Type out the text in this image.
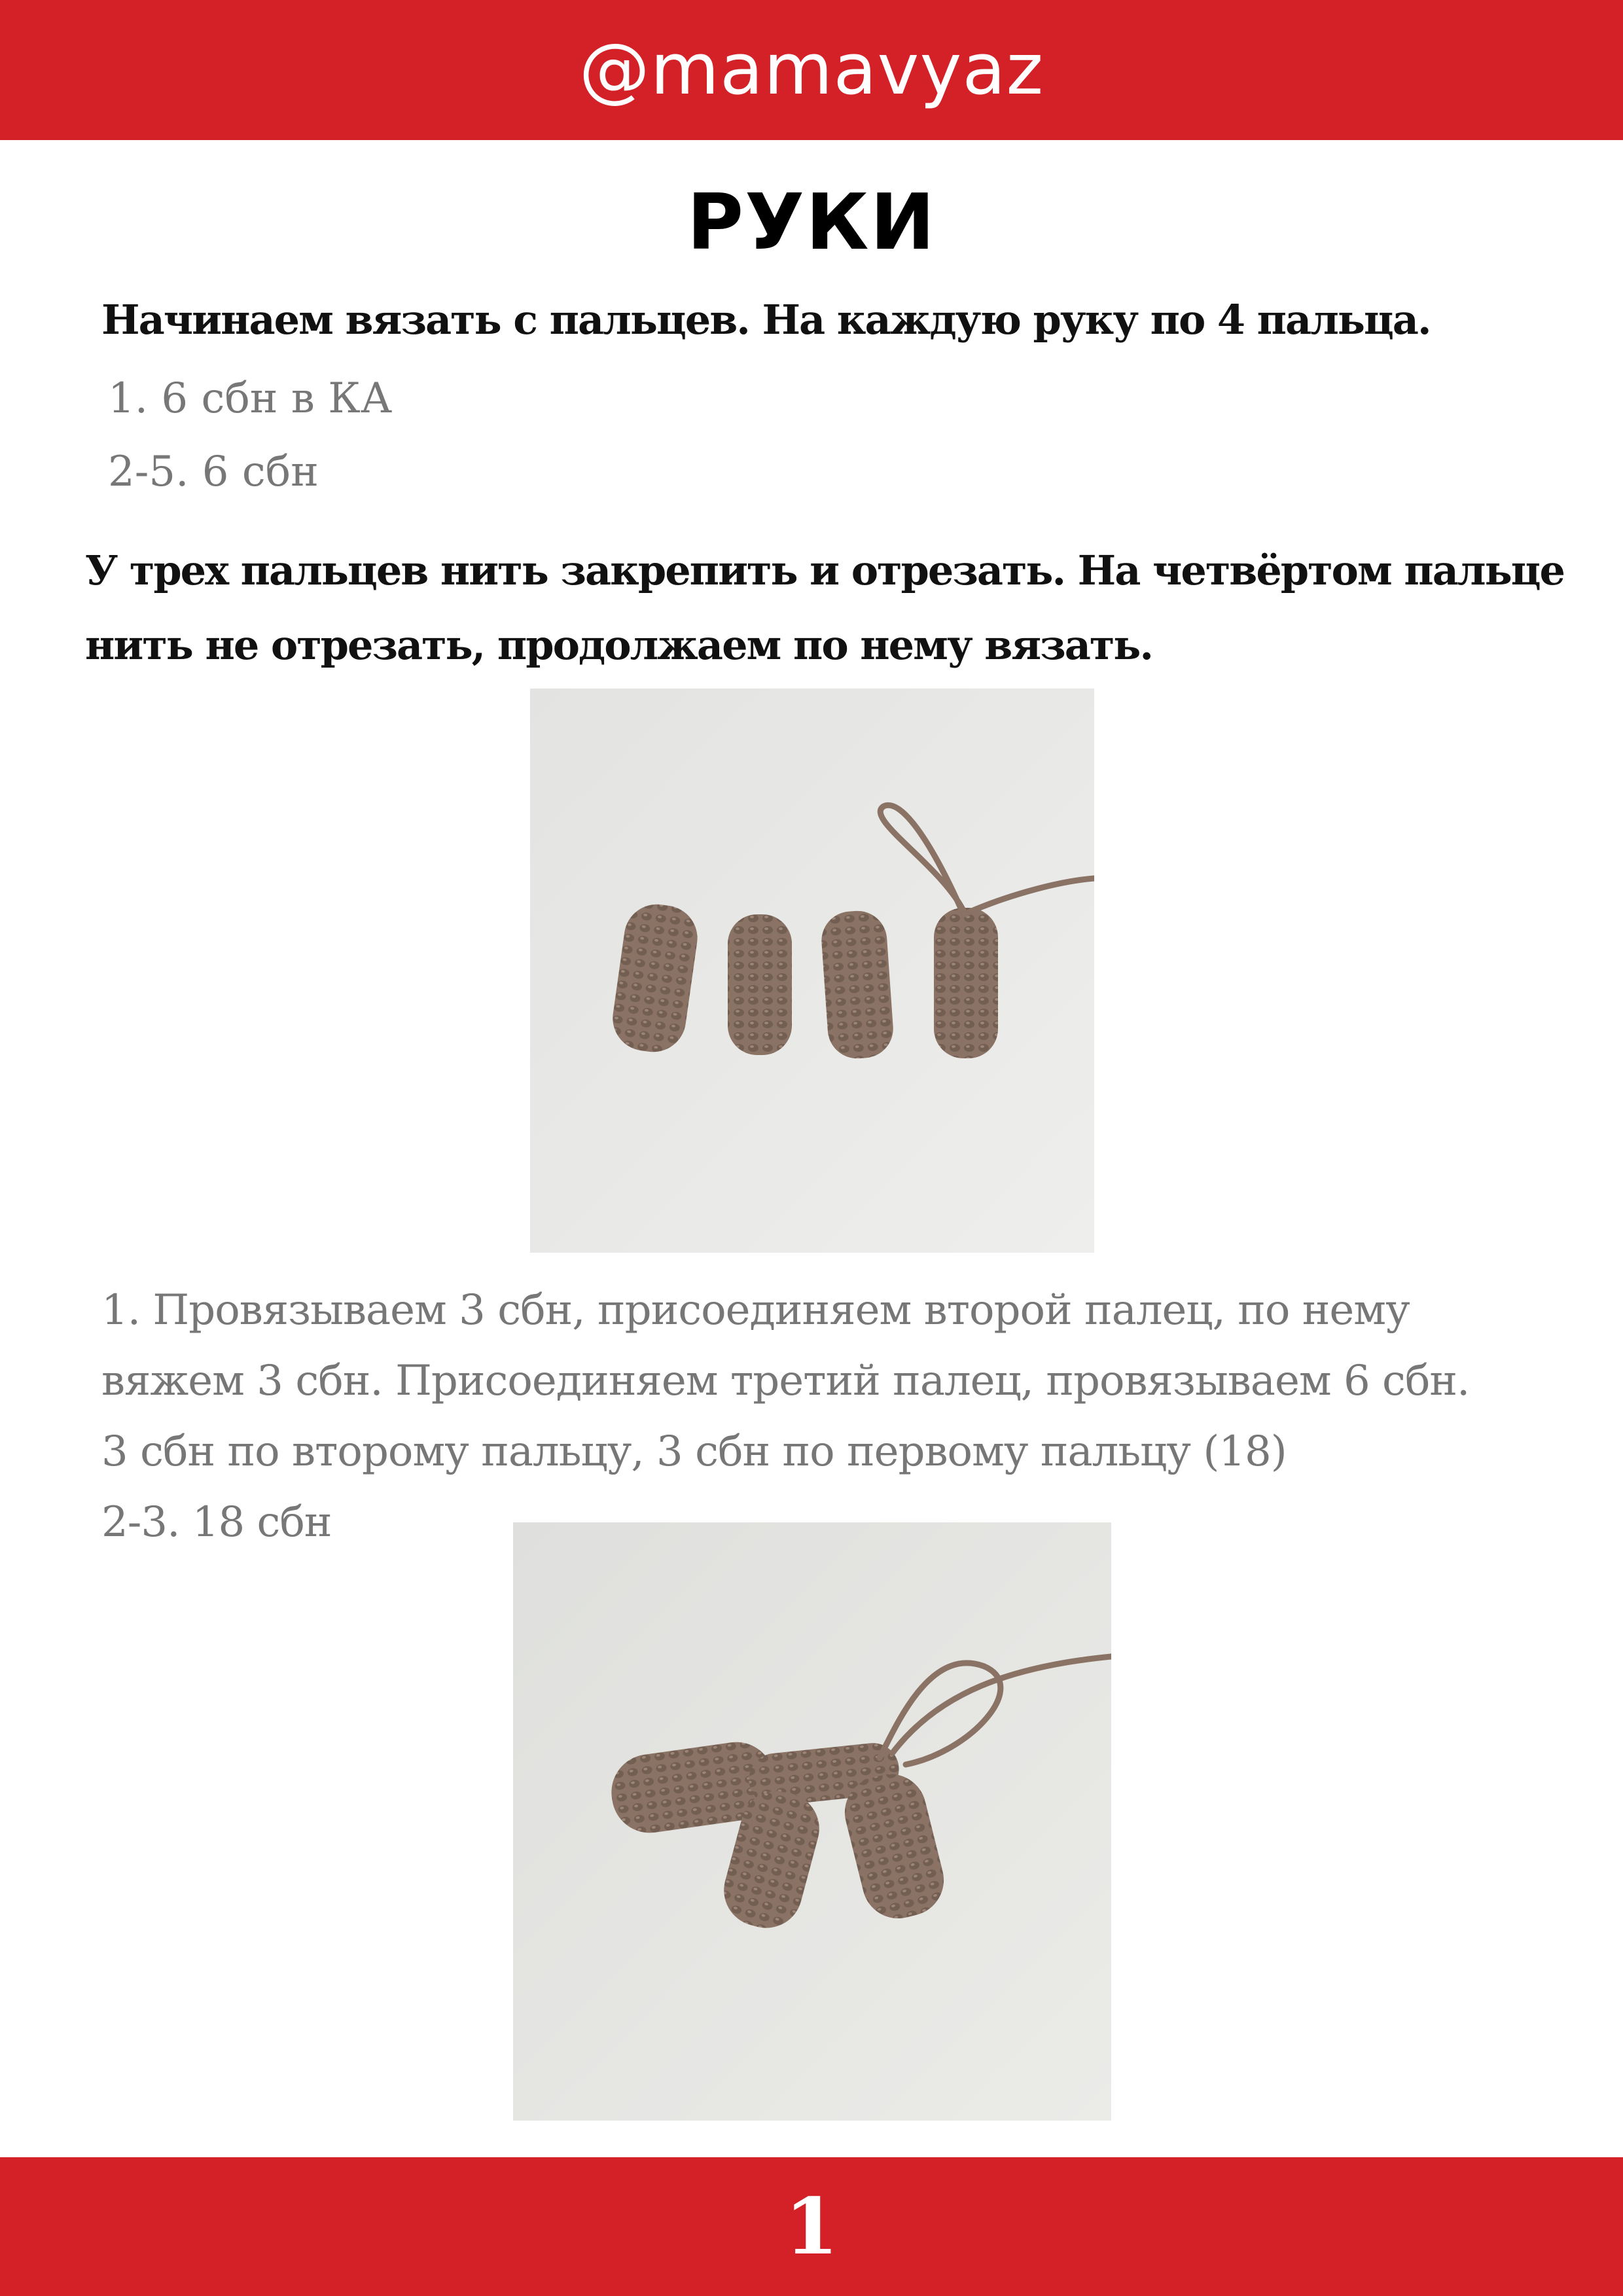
@mamavyaz
РУКИ
Начинаем вязать с пальцев. На каждую руку по 4 пальца.
1. 6 сбн в КА
2-5. 6 сбн
У трех пальцев нить закрепить и отрезать. На четвёртом пальце нить не отрезать, продолжаем по нему вязать.
1. Провязываем 3 сбн, присоединяем второй палец, по нему
вяжем 3 сбн. Присоединяем третий палец, провязываем 6 сбн.
3 сбн по второму пальцу, 3 сбн по первому пальцу (18)
2-3. 18 сбн
1
